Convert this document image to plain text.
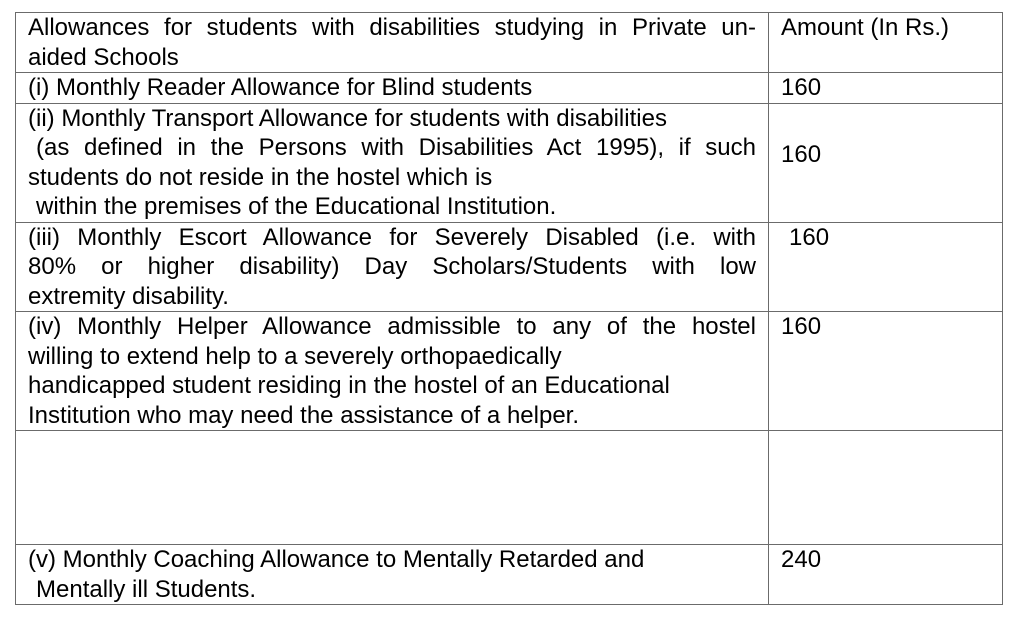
Allowances for students with disabilities studying in Private un-
aided Schools	Amount (In Rs.)

(i) Monthly Reader Allowance for Blind students	160

(ii) Monthly Transport Allowance for students with disabilities
(as defined in the Persons with Disabilities Act 1995), if such
students do not reside in the hostel which is
within the premises of the Educational Institution.	160

(iii) Monthly Escort Allowance for Severely Disabled (i.e. with
80% or higher disability) Day Scholars/Students with low
extremity disability.	160

(iv) Monthly Helper Allowance admissible to any of the hostel
willing to extend help to a severely orthopaedically
handicapped student residing in the hostel of an Educational
Institution who may need the assistance of a helper.	160

(v) Monthly Coaching Allowance to Mentally Retarded and
Mentally ill Students.	240
